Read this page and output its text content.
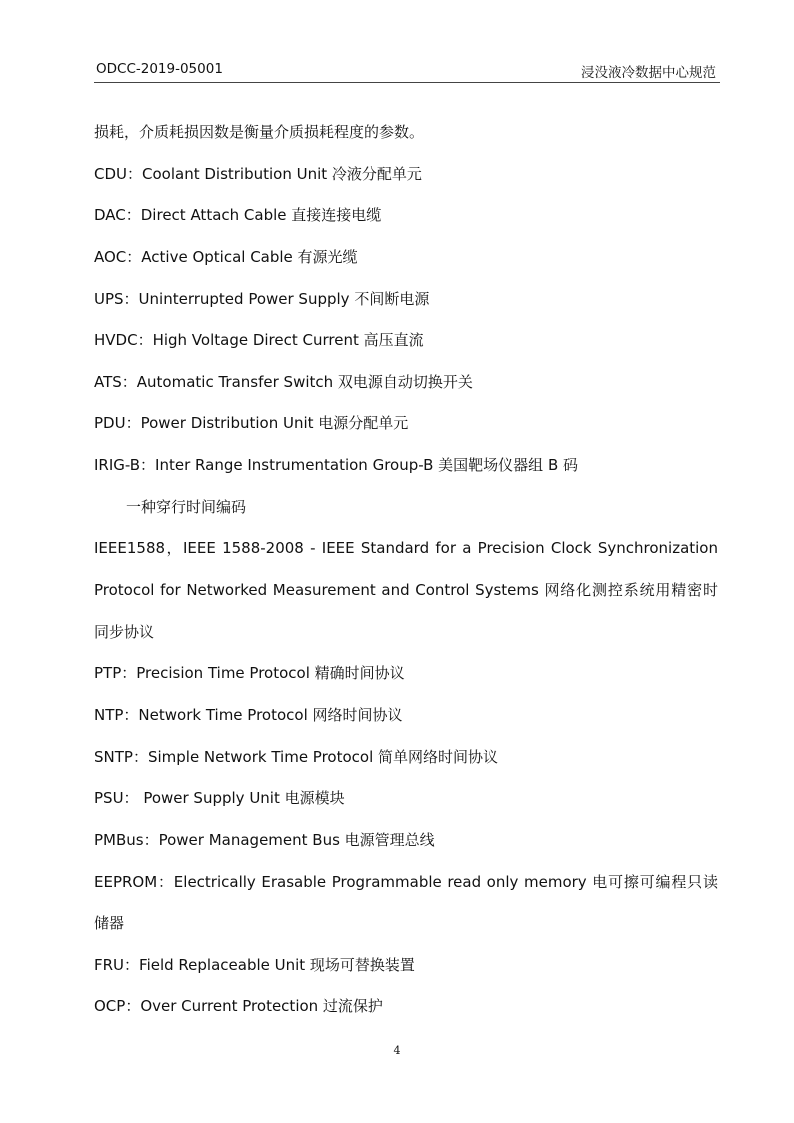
ODCC-2019-05001	浸没液冷数据中心规范
损耗，介质耗损因数是衡量介质损耗程度的参数。
CDU：Coolant Distribution Unit 冷液分配单元
DAC：Direct Attach Cable 直接连接电缆
AOC：Active Optical Cable 有源光缆
UPS：Uninterrupted Power Supply 不间断电源
HVDC：High Voltage Direct Current 高压直流
ATS：Automatic Transfer Switch 双电源自动切换开关
PDU：Power Distribution Unit 电源分配单元
IRIG-B：Inter Range Instrumentation Group-B 美国靶场仪器组 B 码
一种穿行时间编码
IEEE1588，IEEE 1588-2008 - IEEE Standard for a Precision Clock Synchronization
Protocol for Networked Measurement and Control Systems 网络化测控系统用精密时
同步协议
PTP：Precision Time Protocol 精确时间协议
NTP：Network Time Protocol 网络时间协议
SNTP：Simple Network Time Protocol 简单网络时间协议
PSU： Power Supply Unit 电源模块
PMBus：Power Management Bus 电源管理总线
EEPROM：Electrically Erasable Programmable read only memory 电可擦可编程只读
储器
FRU：Field Replaceable Unit 现场可替换装置
OCP：Over Current Protection 过流保护
4
